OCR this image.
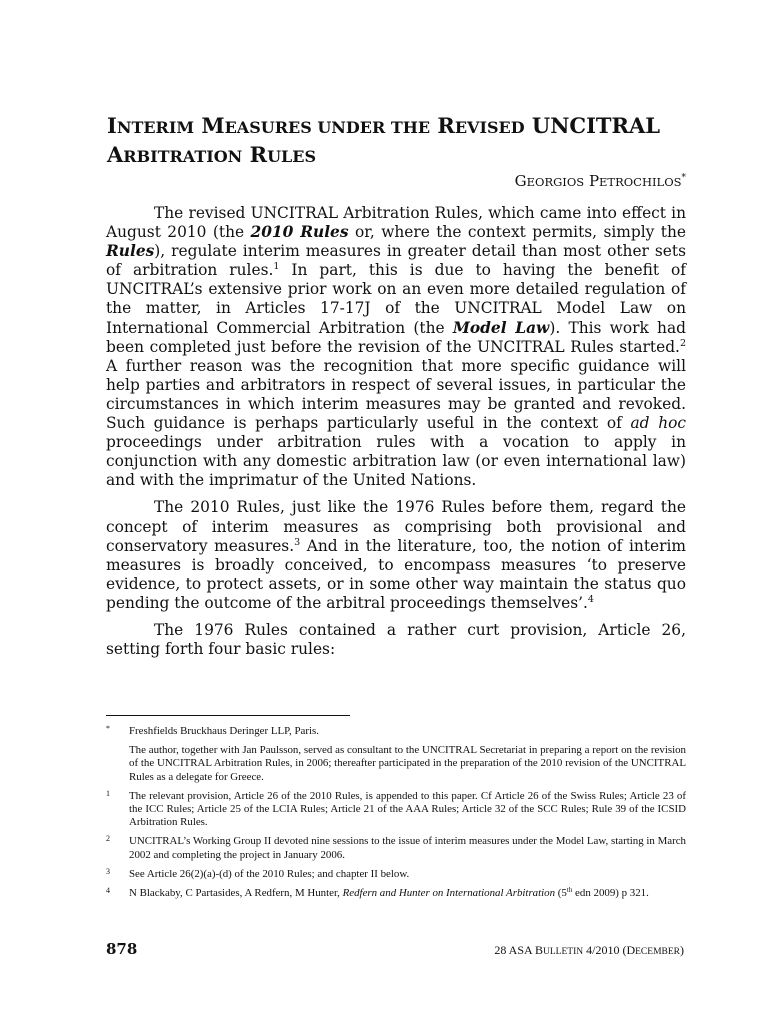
INTERIM MEASURES UNDER THE REVISED UNCITRAL
ARBITRATION RULES
GEORGIOS PETROCHILOS*

The revised UNCITRAL Arbitration Rules, which came into effect in August 2010 (the 2010 Rules or, where the context permits, simply the Rules), regulate interim measures in greater detail than most other sets of arbitration rules.$^1$ In part, this is due to having the benefit of UNCITRAL’s extensive prior work on an even more detailed regulation of the matter, in Articles 17-17J of the UNCITRAL Model Law on International Commercial Arbitration (the Model Law). This work had been completed just before the revision of the UNCITRAL Rules started.$^2$ A further reason was the recognition that more specific guidance will help parties and arbitrators in respect of several issues, in particular the circumstances in which interim measures may be granted and revoked. Such guidance is perhaps particularly useful in the context of ad hoc proceedings under arbitration rules with a vocation to apply in conjunction with any domestic arbitration law (or even international law) and with the imprimatur of the United Nations.

The 2010 Rules, just like the 1976 Rules before them, regard the concept of interim measures as comprising both provisional and conservatory measures.$^3$ And in the literature, too, the notion of interim measures is broadly conceived, to encompass measures ‘to preserve evidence, to protect assets, or in some other way maintain the status quo pending the outcome of the arbitral proceedings themselves’.$^4$

The 1976 Rules contained a rather curt provision, Article 26, setting forth four basic rules:

*	Freshfields Bruckhaus Deringer LLP, Paris.
The author, together with Jan Paulsson, served as consultant to the UNCITRAL Secretariat in preparing a report on the revision of the UNCITRAL Arbitration Rules, in 2006; thereafter participated in the preparation of the 2010 revision of the UNCITRAL Rules as a delegate for Greece.
1	The relevant provision, Article 26 of the 2010 Rules, is appended to this paper. Cf Article 26 of the Swiss Rules; Article 23 of the ICC Rules; Article 25 of the LCIA Rules; Article 21 of the AAA Rules; Article 32 of the SCC Rules; Rule 39 of the ICSID Arbitration Rules.
2	UNCITRAL’s Working Group II devoted nine sessions to the issue of interim measures under the Model Law, starting in March 2002 and completing the project in January 2006.
3	See Article 26(2)(a)-(d) of the 2010 Rules; and chapter II below.
4	N Blackaby, C Partasides, A Redfern, M Hunter, Redfern and Hunter on International Arbitration (5th edn 2009) p 321.
878	28 ASA BULLETIN 4/2010 (DECEMBER)
